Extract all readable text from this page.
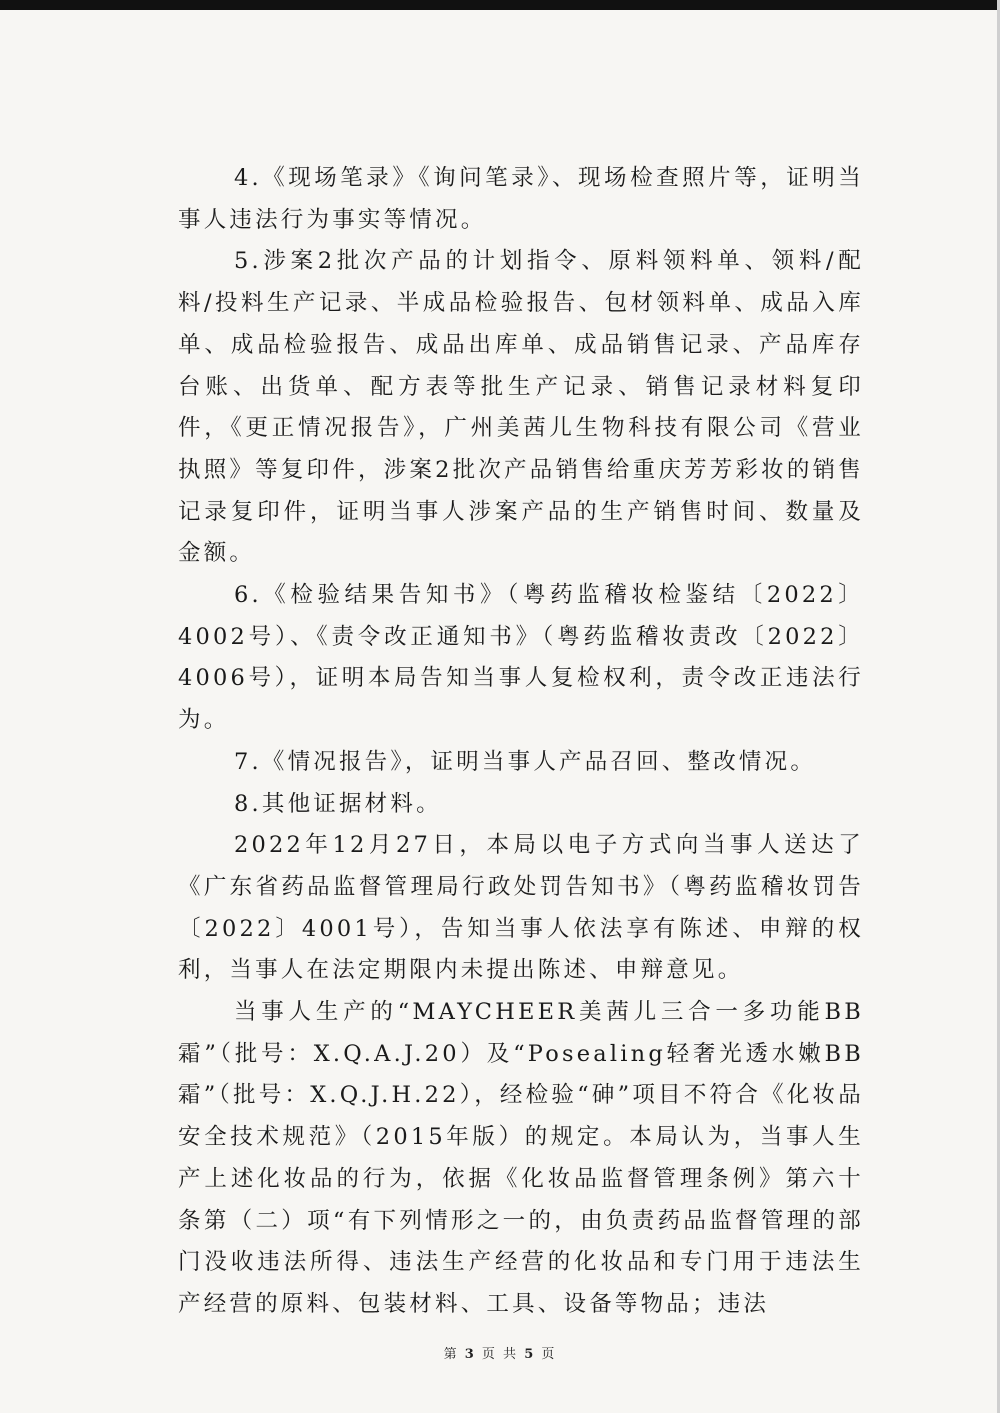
4.《现场笔录》《询问笔录》、现场检查照片等，证明当事人违法行为事实等情况。

5.涉案2批次产品的计划指令、原料领料单、领料/配料/投料生产记录、半成品检验报告、包材领料单、成品入库单、成品检验报告、成品出库单、成品销售记录、产品库存台账、出货单、配方表等批生产记录、销售记录材料复印件，《更正情况报告》，广州美茜儿生物科技有限公司《营业执照》等复印件，涉案2批次产品销售给重庆芳芳彩妆的销售记录复印件，证明当事人涉案产品的生产销售时间、数量及金额。

6.《检验结果告知书》（粤药监稽妆检鉴结〔2022〕4002号）、《责令改正通知书》（粤药监稽妆责改〔2022〕4006号），证明本局告知当事人复检权利，责令改正违法行为。

7.《情况报告》，证明当事人产品召回、整改情况。

8.其他证据材料。

2022年12月27日，本局以电子方式向当事人送达了《广东省药品监督管理局行政处罚告知书》（粤药监稽妆罚告〔2022〕4001号），告知当事人依法享有陈述、申辩的权利，当事人在法定期限内未提出陈述、申辩意见。

当事人生产的“MAYCHEER美茜儿三合一多功能BB霜”（批号：X.Q.A.J.20）及“Posealing轻奢光透水嫩BB霜”（批号：X.Q.J.H.22），经检验“砷”项目不符合《化妆品安全技术规范》（2015年版）的规定。本局认为，当事人生产上述化妆品的行为，依据《化妆品监督管理条例》第六十条第（二）项“有下列情形之一的，由负责药品监督管理的部门没收违法所得、违法生产经营的化妆品和专门用于违法生产经营的原料、包装材料、工具、设备等物品；违法

第 3 页 共 5 页
